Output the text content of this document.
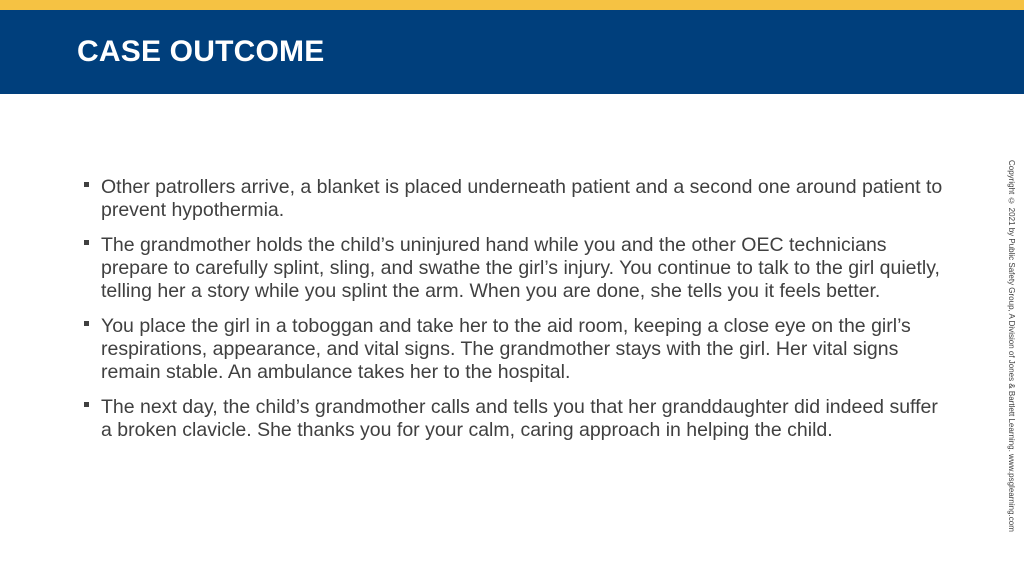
CASE OUTCOME
Other patrollers arrive, a blanket is placed underneath patient and a second one around patient to prevent hypothermia.
The grandmother holds the child’s uninjured hand while you and the other OEC technicians prepare to carefully splint, sling, and swathe the girl’s injury. You continue to talk to the girl quietly, telling her a story while you splint the arm. When you are done, she tells you it feels better.
You place the girl in a toboggan and take her to the aid room, keeping a close eye on the girl’s respirations, appearance, and vital signs. The grandmother stays with the girl. Her vital signs remain stable. An ambulance takes her to the hospital.
The next day, the child’s grandmother calls and tells you that her granddaughter did indeed suffer a broken clavicle. She thanks you for your calm, caring approach in helping the child.	Copyright © 2021 by Public Safety Group, A Division of Jones & Bartlett Learning. www.psglearning.com
